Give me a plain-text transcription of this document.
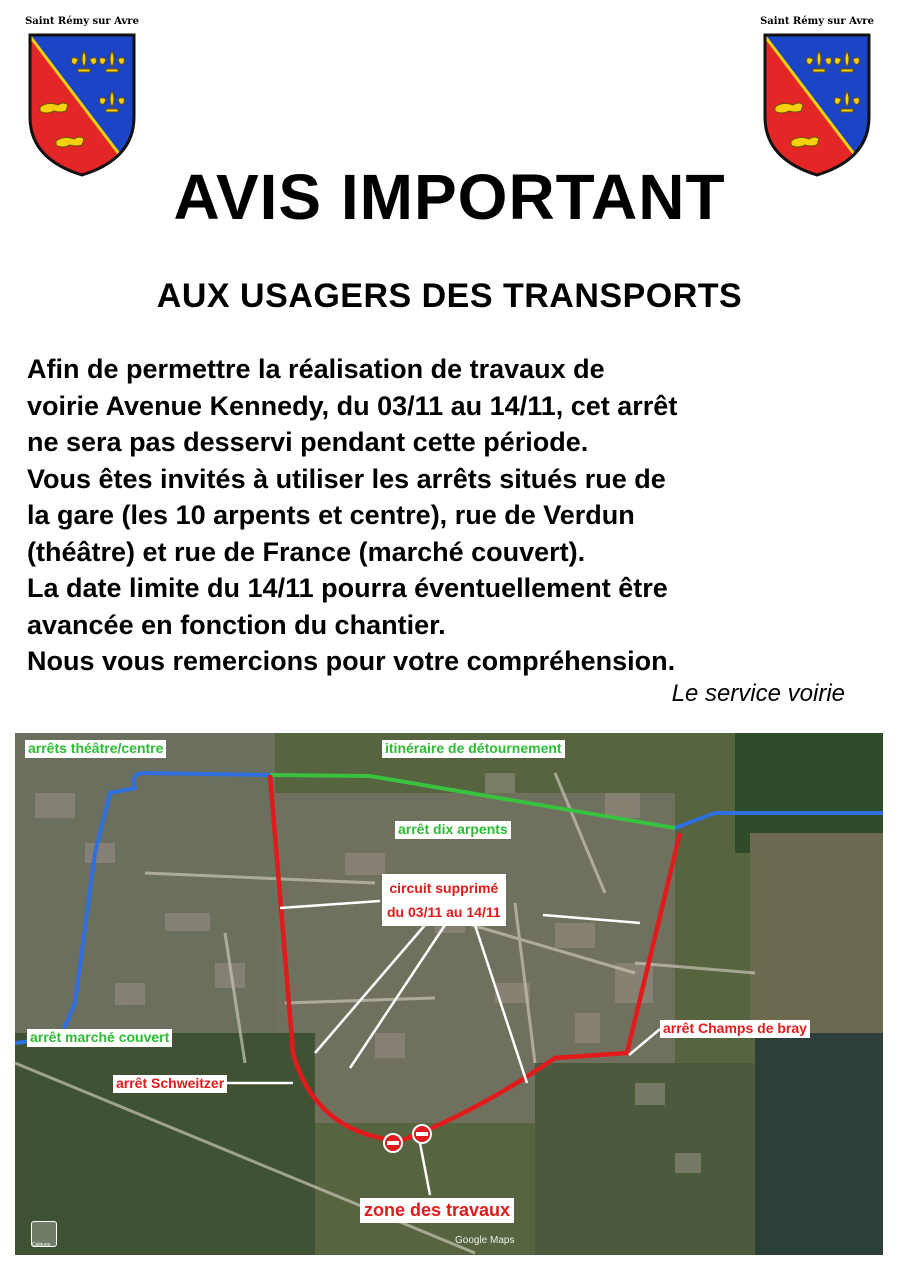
Saint Rémy sur Avre	Saint Rémy sur Avre
AVIS IMPORTANT
AUX USAGERS DES TRANSPORTS

Afin de permettre la réalisation de travaux de

voirie Avenue Kennedy, du 03/11 au 14/11, cet arrêt

ne sera pas desservi pendant cette période.

Vous êtes invités à utiliser les arrêts situés rue de

la gare (les 10 arpents et centre), rue de Verdun

(théâtre) et rue de France (marché couvert).

La date limite du 14/11 pourra éventuellement être

avancée en fonction du chantier.

Nous vous remercions pour votre compréhension.

Le service voirie
arrêts théâtre/centre	itinéraire de détournement
arrêt dix arpents
circuit supprimé
du 03/11 au 14/11
arrêt Champs de bray
arrêt marché couvert
arrêt Schweitzer
zone des travaux
Calques	Google Maps
